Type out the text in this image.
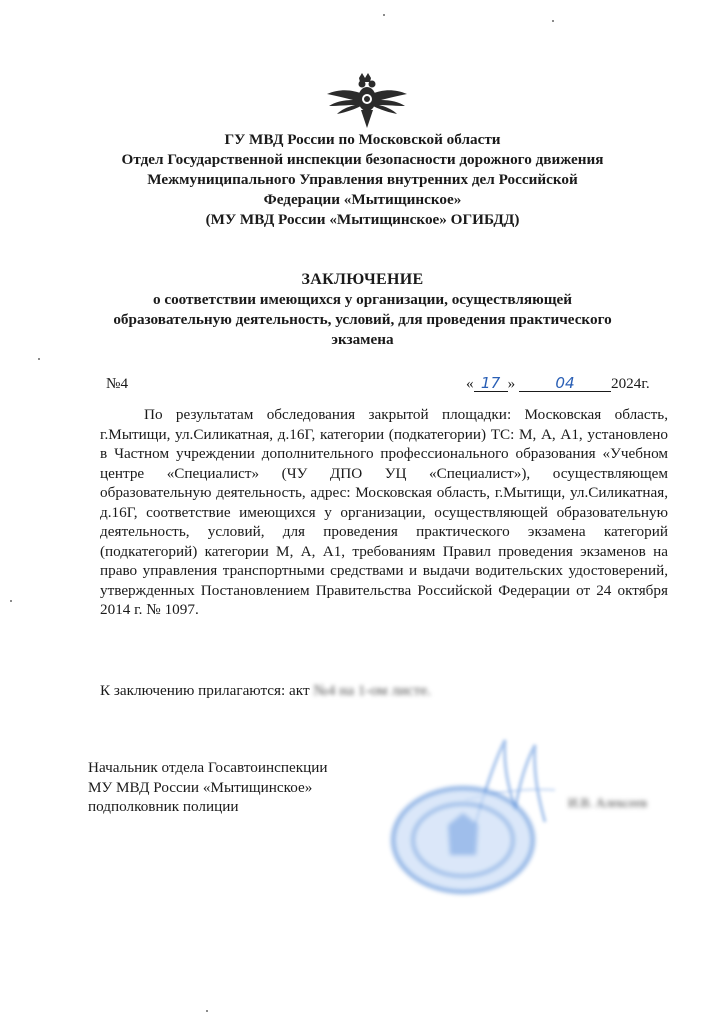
ГУ МВД России по Московской области
Отдел Государственной инспекции безопасности дорожного движения
Межмуниципального Управления внутренних дел Российской
Федерации «Мытищинское»
(МУ МВД России «Мытищинское» ОГИБДД)
ЗАКЛЮЧЕНИЕ
о соответствии имеющихся у организации, осуществляющей
образовательную деятельность, условий, для проведения практического
экзамена
№4	« 17 »	04 2024г.
По результатам обследования закрытой площадки: Московская область, г.Мытищи, ул.Силикатная, д.16Г, категории (подкатегории) ТС: М, А, А1, установлено в Частном учреждении дополнительного профессионального образования «Учебном центре «Специалист» (ЧУ ДПО УЦ «Специалист»), осуществляющем образовательную деятельность, адрес: Московская область, г.Мытищи, ул.Силикатная, д.16Г, соответствие имеющихся у организации, осуществляющей образовательную деятельность, условий, для проведения практического экзамена категорий (подкатегорий) категории М, А, А1, требованиям Правил проведения экзаменов на право управления транспортными средствами и выдачи водительских удостоверений, утвержденных Постановлением Правительства Российской Федерации от 24 октября 2014 г. № 1097.
К заключению прилагаются: акт №4 на 1-ом листе.
Начальник отдела Госавтоинспекции
МУ МВД России «Мытищинское»
подполковник полиции	И.В. Алексеев
